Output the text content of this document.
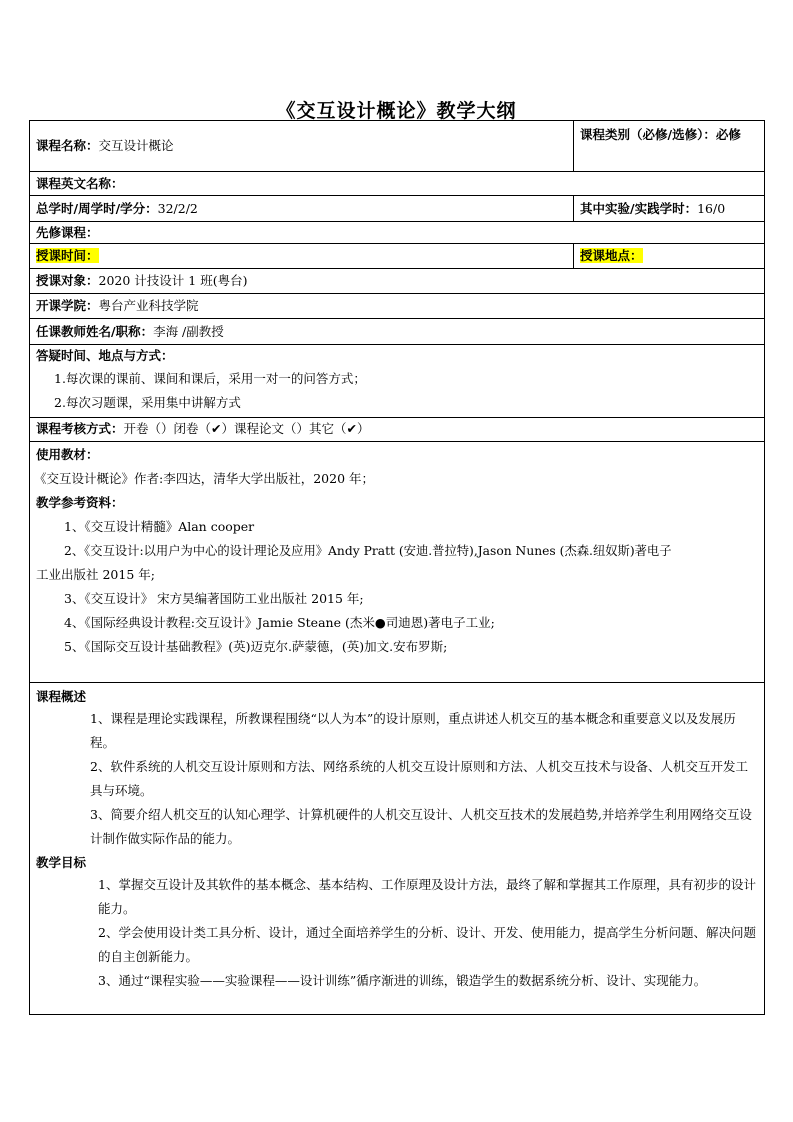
《交互设计概论》教学大纲
课程名称：交互设计概论
课程类别（必修/选修）：必修
课程英文名称：
总学时/周学时/学分：32/2/2	其中实验/实践学时：16/0
先修课程：
授课时间：	授课地点：
授课对象：2020 计技设计 1 班(粤台)
开课学院：粤台产业科技学院
任课教师姓名/职称：李海 /副教授
答疑时间、地点与方式：
1.每次课的课前、课间和课后，采用一对一的问答方式；
2.每次习题课，采用集中讲解方式
课程考核方式：开卷（）闭卷（✔）课程论文（）其它（✔）
使用教材：
《交互设计概论》作者:李四达，清华大学出版社，2020 年；
教学参考资料：
1、《交互设计精髓》Alan cooper
2、《交互设计:以用户为中心的设计理论及应用》Andy Pratt (安迪.普拉特),Jason Nunes (杰森.纽奴斯)著电子
工业出版社 2015 年;
3、《交互设计》 宋方昊编著国防工业出版社 2015 年;
4、《国际经典设计教程:交互设计》Jamie Steane (杰米●司迪恩)著电子工业;
5、《国际交互设计基础教程》(英)迈克尔.萨蒙德，(英)加文.安布罗斯;
课程概述
1、课程是理论实践课程，所教课程围绕“以人为本”的设计原则，重点讲述人机交互的基本概念和重要意义以及发展历程。
2、软件系统的人机交互设计原则和方法、网络系统的人机交互设计原则和方法、人机交互技术与设备、人机交互开发工具与环境。
3、简要介绍人机交互的认知心理学、计算机硬件的人机交互设计、人机交互技术的发展趋势,并培养学生利用网络交互设计制作做实际作品的能力。
教学目标
1、掌握交互设计及其软件的基本概念、基本结构、工作原理及设计方法，最终了解和掌握其工作原理，具有初步的设计能力。
2、学会使用设计类工具分析、设计，通过全面培养学生的分析、设计、开发、使用能力，提高学生分析问题、解决问题的自主创新能力。
3、通过“课程实验——实验课程——设计训练”循序渐进的训练，锻造学生的数据系统分析、设计、实现能力。
